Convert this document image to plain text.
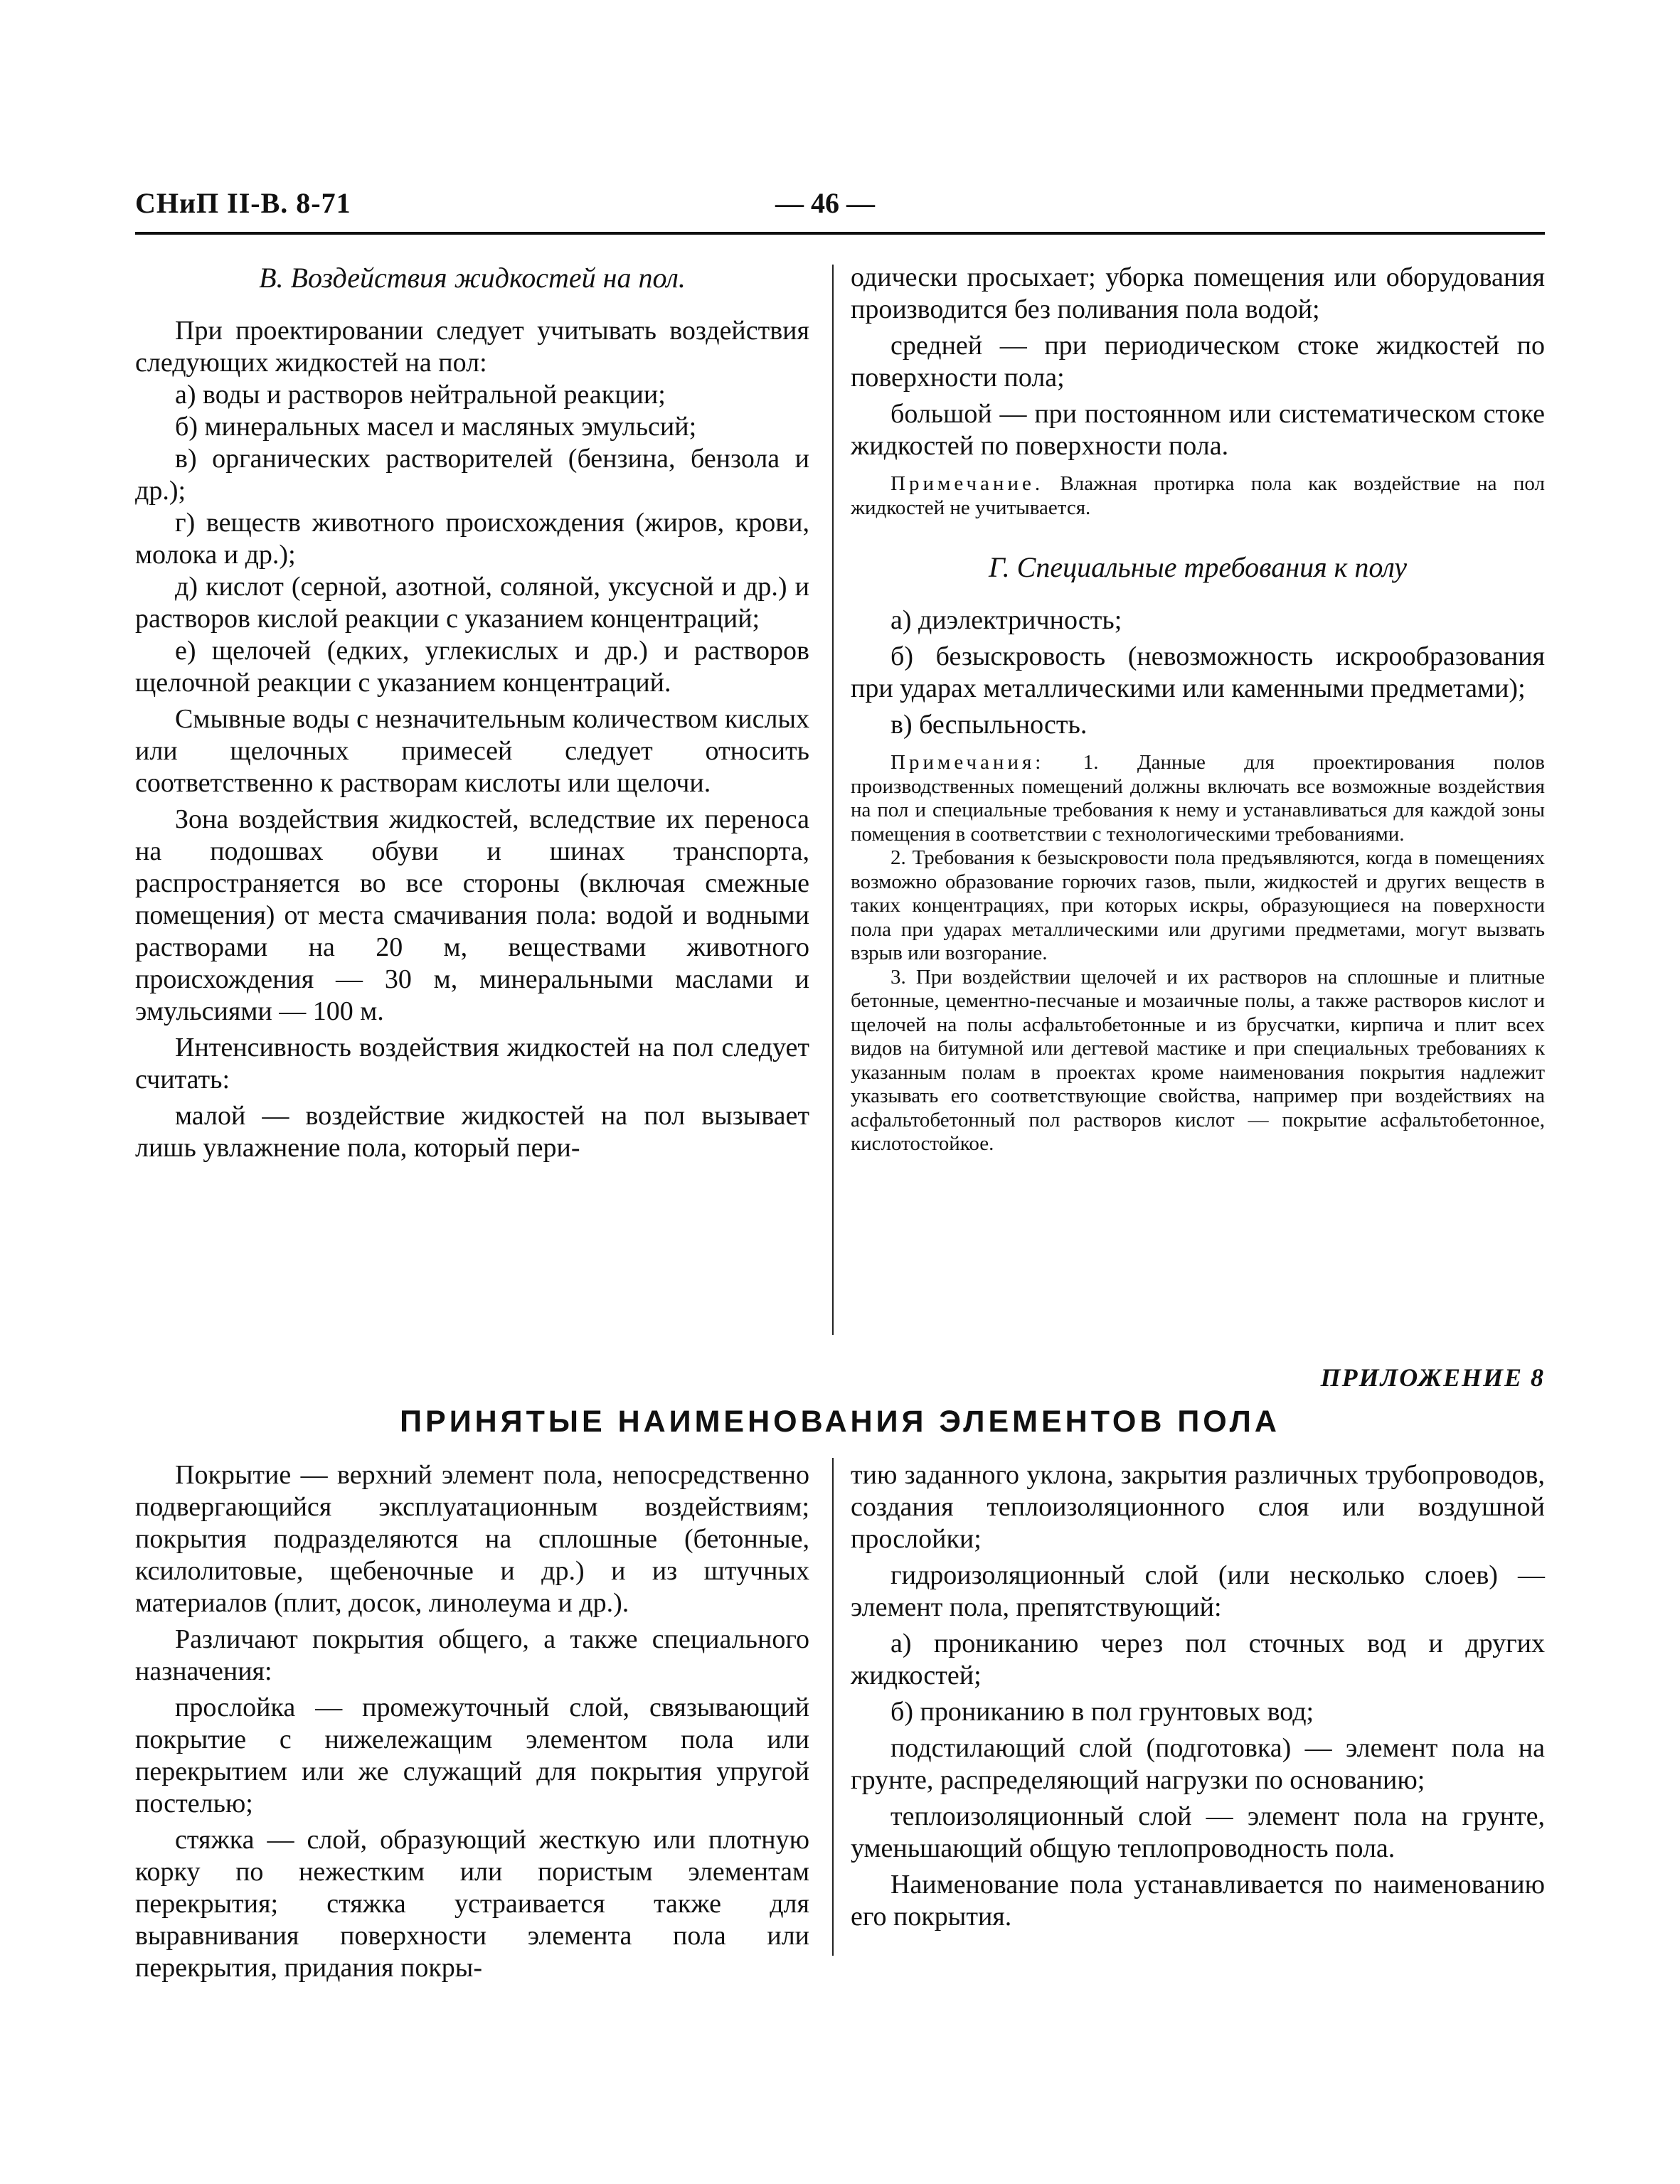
СНиП II-В. 8-71	— 46 —

В. Воздействия жидкостей на пол.

При проектировании следует учитывать воздействия следующих жидкостей на пол:

а) воды и растворов нейтральной реакции;

б) минеральных масел и масляных эмульсий;

в) органических растворителей (бензина, бензола и др.);

г) веществ животного происхождения (жиров, крови, молока и др.);

д) кислот (серной, азотной, соляной, уксусной и др.) и растворов кислой реакции с указанием концентраций;

е) щелочей (едких, углекислых и др.) и растворов щелочной реакции с указанием концентраций.

Смывные воды с незначительным количеством кислых или щелочных примесей следует относить соответственно к растворам кислоты или щелочи.

Зона воздействия жидкостей, вследствие их переноса на подошвах обуви и шинах транспорта, распространяется во все стороны (включая смежные помещения) от места смачивания пола: водой и водными растворами на 20 м, веществами животного происхождения — 30 м, минеральными маслами и эмульсиями — 100 м.

Интенсивность воздействия жидкостей на пол следует считать:

малой — воздействие жидкостей на пол вызывает лишь увлажнение пола, который пери-

одически просыхает; уборка помещения или оборудования производится без поливания пола водой;

средней — при периодическом стоке жидкостей по поверхности пола;

большой — при постоянном или систематическом стоке жидкостей по поверхности пола.

Примечание. Влажная протирка пола как воздействие на пол жидкостей не учитывается.

Г. Специальные требования к полу

а) диэлектричность;

б) безыскровость (невозможность искрообразования при ударах металлическими или каменными предметами);

в) беспыльность.

Примечания: 1. Данные для проектирования полов производственных помещений должны включать все возможные воздействия на пол и специальные требования к нему и устанавливаться для каждой зоны помещения в соответствии с технологическими требованиями.

2. Требования к безыскровости пола предъявляются, когда в помещениях возможно образование горючих газов, пыли, жидкостей и других веществ в таких концентрациях, при которых искры, образующиеся на поверхности пола при ударах металлическими или другими предметами, могут вызвать взрыв или возгорание.

3. При воздействии щелочей и их растворов на сплошные и плитные бетонные, цементно-песчаные и мозаичные полы, а также растворов кислот и щелочей на полы асфальтобетонные и из брусчатки, кирпича и плит всех видов на битумной или дегтевой мастике и при специальных требованиях к указанным полам в проектах кроме наименования покрытия надлежит указывать его соответствующие свойства, например при воздействиях на асфальтобетонный пол растворов кислот — покрытие асфальтобетонное, кислотостойкое.

ПРИЛОЖЕНИЕ 8
ПРИНЯТЫЕ НАИМЕНОВАНИЯ ЭЛЕМЕНТОВ ПОЛА

Покрытие — верхний элемент пола, непосредственно подвергающийся эксплуатационным воздействиям; покрытия подразделяются на сплошные (бетонные, ксилолитовые, щебеночные и др.) и из штучных материалов (плит, досок, линолеума и др.).

Различают покрытия общего, а также специального назначения:

прослойка — промежуточный слой, связывающий покрытие с нижележащим элементом пола или перекрытием или же служащий для покрытия упругой постелью;

стяжка — слой, образующий жесткую или плотную корку по нежестким или пористым элементам перекрытия; стяжка устраивается также для выравнивания поверхности элемента пола или перекрытия, придания покры-

тию заданного уклона, закрытия различных трубопроводов, создания теплоизоляционного слоя или воздушной прослойки;

гидроизоляционный слой (или несколько слоев) — элемент пола, препятствующий:

а) проникaнию через пол сточных вод и других жидкостей;

б) проникaнию в пол грунтовых вод;

подстилающий слой (подготовка) — элемент пола на грунте, распределяющий нагрузки по основанию;

теплоизоляционный слой — элемент пола на грунте, уменьшающий общую теплопроводность пола.

Наименование пола устанавливается по наименованию его покрытия.
